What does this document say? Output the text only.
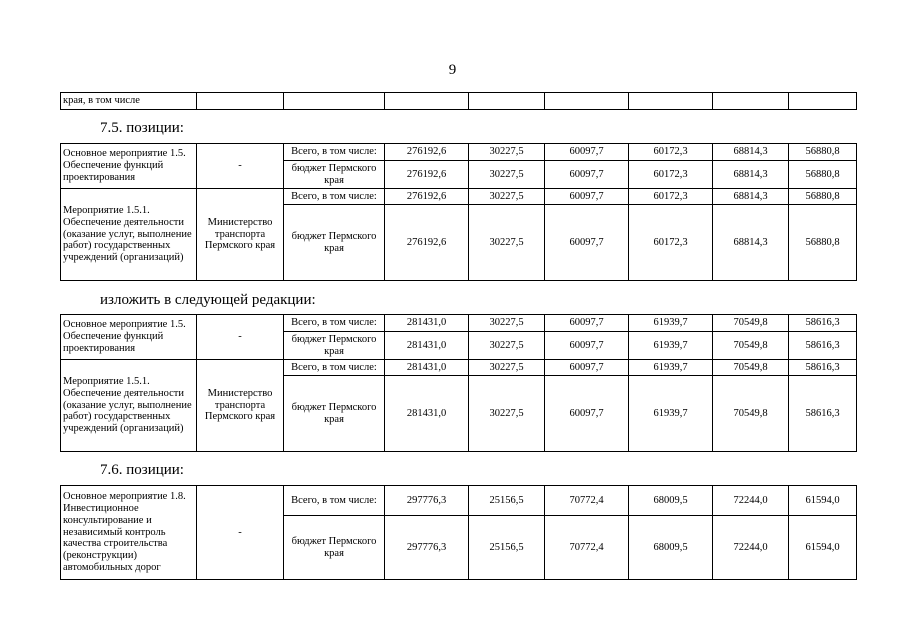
9
края, в том числе								
7.5. позиции:
Основное мероприятие 1.5. Обеспечение функций проектирования	-	Всего, в том числе:	276192,6	30227,5	60097,7	60172,3	68814,3	56880,8
		бюджет Пермского края	276192,6	30227,5	60097,7	60172,3	68814,3	56880,8
Мероприятие 1.5.1. Обеспечение деятельности (оказание услуг, выполнение работ) государственных учреждений (организаций)	Министерство транспорта Пермского края	Всего, в том числе:	276192,6	30227,5	60097,7	60172,3	68814,3	56880,8
		бюджет Пермского края	276192,6	30227,5	60097,7	60172,3	68814,3	56880,8
изложить в следующей редакции:
Основное мероприятие 1.5. Обеспечение функций проектирования	-	Всего, в том числе:	281431,0	30227,5	60097,7	61939,7	70549,8	58616,3
		бюджет Пермского края	281431,0	30227,5	60097,7	61939,7	70549,8	58616,3
Мероприятие 1.5.1. Обеспечение деятельности (оказание услуг, выполнение работ) государственных учреждений (организаций)	Министерство транспорта Пермского края	Всего, в том числе:	281431,0	30227,5	60097,7	61939,7	70549,8	58616,3
		бюджет Пермского края	281431,0	30227,5	60097,7	61939,7	70549,8	58616,3
7.6. позиции:
Основное мероприятие 1.8. Инвестиционное консультирование и независимый контроль качества строительства (реконструкции) автомобильных дорог	-	Всего, в том числе:	297776,3	25156,5	70772,4	68009,5	72244,0	61594,0
		бюджет Пермского края	297776,3	25156,5	70772,4	68009,5	72244,0	61594,0
